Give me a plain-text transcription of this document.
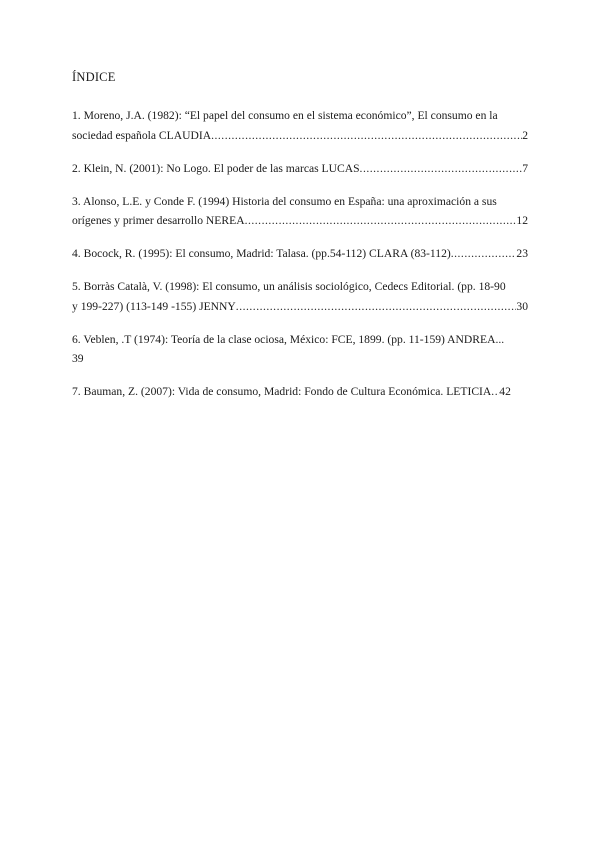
ÍNDICE
1. Moreno, J.A. (1982): “El papel del consumo en el sistema económico”, El consumo en la
sociedad española CLAUDIA .....	2
2. Klein, N. (2001): No Logo. El poder de las marcas LUCAS .....	7
3. Alonso, L.E. y Conde F. (1994) Historia del consumo en España: una aproximación a sus
orígenes y primer desarrollo NEREA .....	12
4. Bocock, R. (1995): El consumo, Madrid: Talasa. (pp.54-112) CLARA (83-112) .....	23
5. Borràs Català, V. (1998): El consumo, un análisis sociológico, Cedecs Editorial. (pp. 18-90
y 199-227) (113-149 -155) JENNY .....	30
6. Veblen, .T (1974): Teoría de la clase ociosa, México: FCE, 1899. (pp. 11-159) ANDREA...
39
7. Bauman, Z. (2007): Vida de consumo, Madrid: Fondo de Cultura Económica. LETICIA ..... 42
